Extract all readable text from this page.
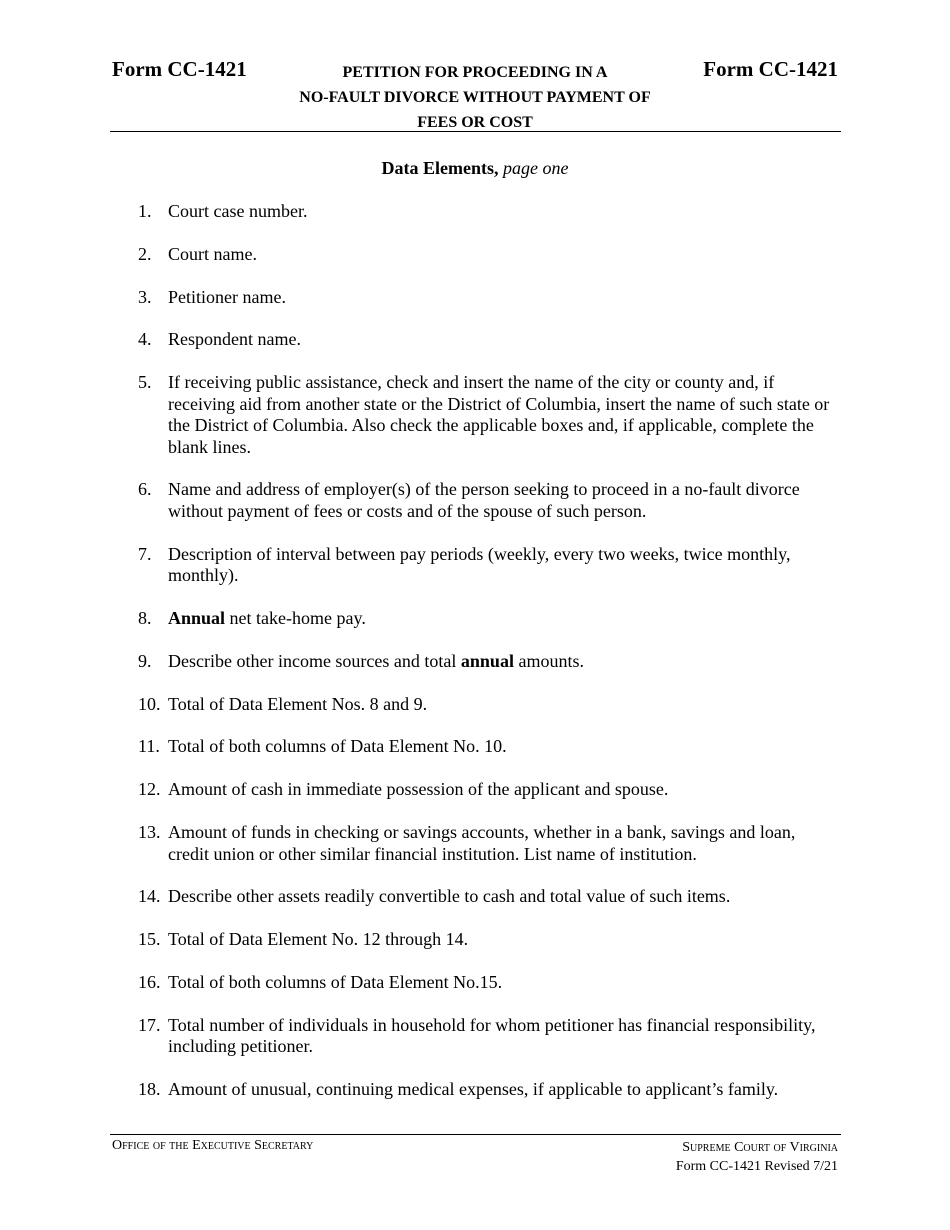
Form CC-1421	Form CC-1421
PETITION FOR PROCEEDING IN A
NO-FAULT DIVORCE WITHOUT PAYMENT OF
FEES OR COST
Data Elements, page one
1. Court case number.
2. Court name.
3. Petitioner name.
4. Respondent name.
5. If receiving public assistance, check and insert the name of the city or county and, if receiving aid from another state or the District of Columbia, insert the name of such state or the District of Columbia. Also check the applicable boxes and, if applicable, complete the blank lines.
6. Name and address of employer(s) of the person seeking to proceed in a no-fault divorce without payment of fees or costs and of the spouse of such person.
7. Description of interval between pay periods (weekly, every two weeks, twice monthly, monthly).
8. Annual net take-home pay.
9. Describe other income sources and total annual amounts.
10. Total of Data Element Nos. 8 and 9.
11. Total of both columns of Data Element No. 10.
12. Amount of cash in immediate possession of the applicant and spouse.
13. Amount of funds in checking or savings accounts, whether in a bank, savings and loan, credit union or other similar financial institution. List name of institution.
14. Describe other assets readily convertible to cash and total value of such items.
15. Total of Data Element No. 12 through 14.
16. Total of both columns of Data Element No.15.
17. Total number of individuals in household for whom petitioner has financial responsibility, including petitioner.
18. Amount of unusual, continuing medical expenses, if applicable to applicant’s family.
Office of the Executive Secretary	Supreme Court of Virginia
Form CC-1421 Revised 7/21
